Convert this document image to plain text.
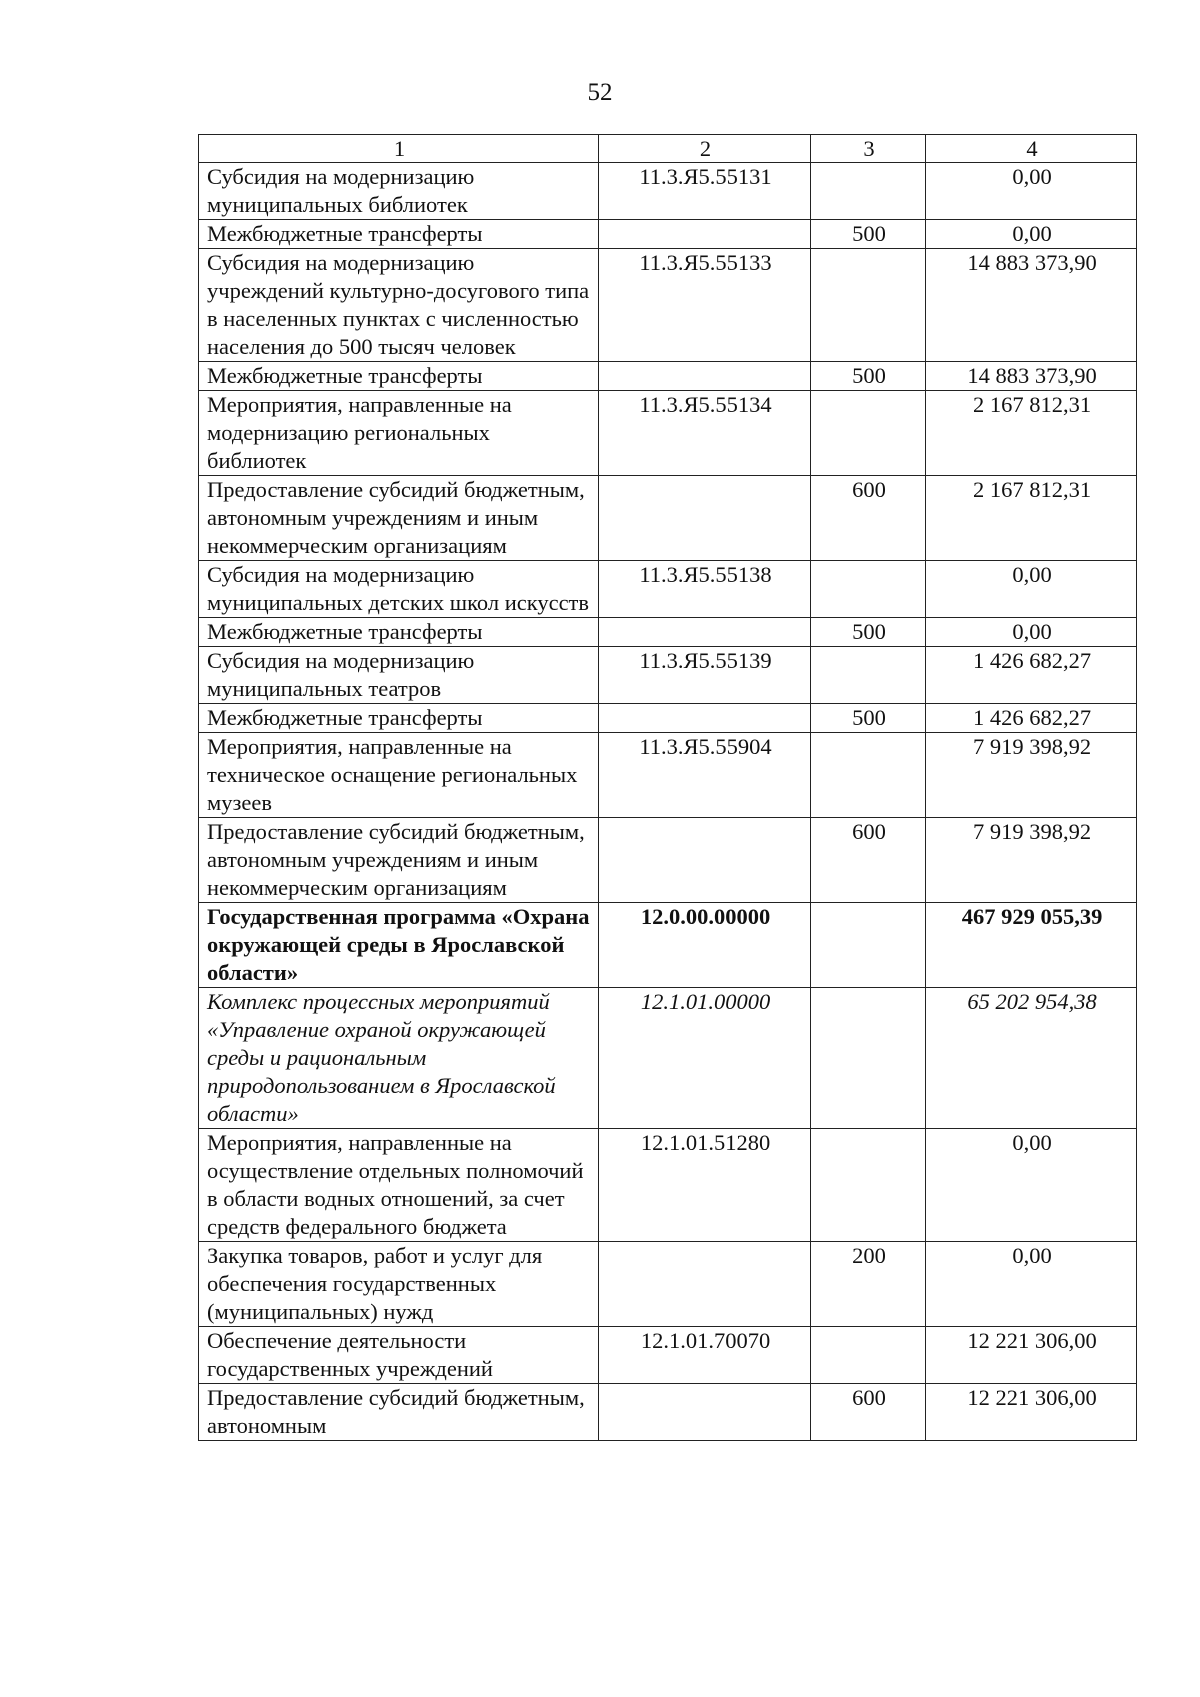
52
1	2	3	4
Субсидия на модернизацию муниципальных библиотек	11.3.Я5.55131		0,00
Межбюджетные трансферты		500	0,00
Субсидия на модернизацию учреждений культурно-досугового типа в населенных пунктах с численностью населения до 500 тысяч человек	11.3.Я5.55133		14 883 373,90
Межбюджетные трансферты		500	14 883 373,90
Мероприятия, направленные на модернизацию региональных библиотек	11.3.Я5.55134		2 167 812,31
Предоставление субсидий бюджетным, автономным учреждениям и иным некоммерческим организациям		600	2 167 812,31
Субсидия на модернизацию муниципальных детских школ искусств	11.3.Я5.55138		0,00
Межбюджетные трансферты		500	0,00
Субсидия на модернизацию муниципальных театров	11.3.Я5.55139		1 426 682,27
Межбюджетные трансферты		500	1 426 682,27
Мероприятия, направленные на техническое оснащение региональных музеев	11.3.Я5.55904		7 919 398,92
Предоставление субсидий бюджетным, автономным учреждениям и иным некоммерческим организациям		600	7 919 398,92
Государственная программа «Охрана окружающей среды в Ярославской области»	12.0.00.00000		467 929 055,39
Комплекс процессных мероприятий «Управление охраной окружающей среды и рациональным природопользованием в Ярославской области»	12.1.01.00000		65 202 954,38
Мероприятия, направленные на осуществление отдельных полномочий в области водных отношений, за счет средств федерального бюджета	12.1.01.51280		0,00
Закупка товаров, работ и услуг для обеспечения государственных (муниципальных) нужд		200	0,00
Обеспечение деятельности государственных учреждений	12.1.01.70070		12 221 306,00
Предоставление субсидий бюджетным, автономным		600	12 221 306,00
